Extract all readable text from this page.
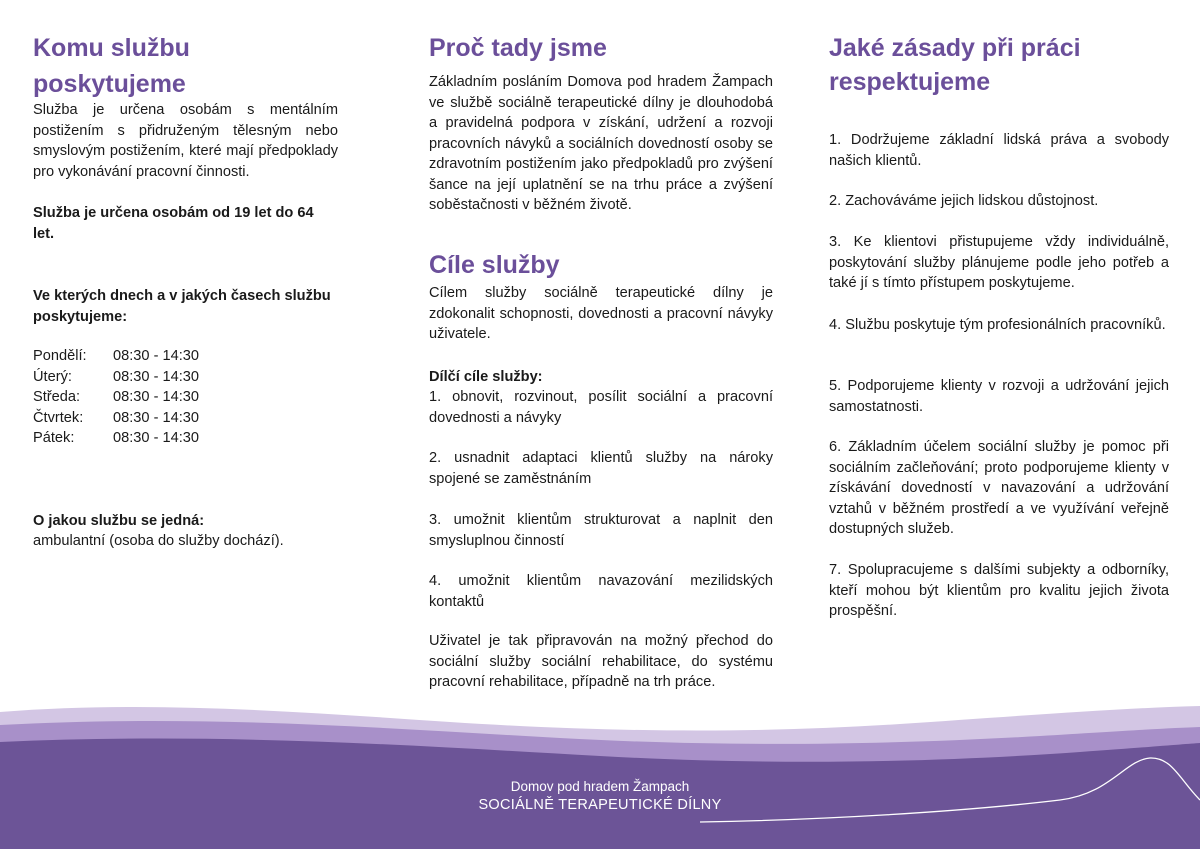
Komu službu poskytujeme

Služba je určena osobám s mentálním postižením s přidruženým tělesným nebo smyslovým postižením, které mají předpoklady pro vykonávání pracovní činnosti.

Služba je určena osobám od 19 let do 64 let.

Ve kterých dnech a v jakých časech službu poskytujeme:

Pondělí:	08:30 - 14:30
Úterý:	08:30 - 14:30
Středa:	08:30 - 14:30
Čtvrtek:	08:30 - 14:30
Pátek:	08:30 - 14:30

O jakou službu se jedná:

ambulantní (osoba do služby dochází).

Proč tady jsme

Základním posláním Domova pod hradem Žampach ve službě sociálně terapeutické dílny je dlouhodobá a pravidelná podpora v získání, udržení a rozvoji pracovních návyků a sociálních dovedností osoby se zdravotním postižením jako předpokladů pro zvýšení šance na její uplatnění se na trhu práce a zvýšení soběstačnosti v běžném životě.

Cíle služby

Cílem služby sociálně terapeutické dílny je zdokonalit schopnosti, dovednosti a pracovní návyky uživatele.

Dílčí cíle služby:

1. obnovit, rozvinout, posílit sociální a pracovní dovednosti a návyky

2. usnadnit adaptaci klientů služby na nároky spojené se zaměstnáním

3. umožnit klientům strukturovat a naplnit den smysluplnou činností

4. umožnit klientům navazování mezilidských kontaktů

Uživatel je tak připravován na možný přechod do sociální služby sociální rehabilitace, do systému pracovní rehabilitace, případně na trh práce.

Jaké zásady při práci
respektujeme

1. Dodržujeme základní lidská práva a svobody našich klientů.

2. Zachováváme jejich lidskou důstojnost.

3. Ke klientovi přistupujeme vždy individuálně, poskytování služby plánujeme podle jeho potřeb a také jí s tímto přístupem poskytujeme.

4. Službu poskytuje tým profesionálních pracovníků.

5. Podporujeme klienty v rozvoji a udržování jejich samostatnosti.

6. Základním účelem sociální služby je pomoc při sociálním začleňování; proto podporujeme klienty v získávání dovedností v navazování a udržování vztahů v běžném prostředí a ve využívání veřejně dostupných služeb.

7. Spolupracujeme s dalšími subjekty a odborníky, kteří mohou být klientům pro kvalitu jejich života prospěšní.

Domov pod hradem Žampach
SOCIÁLNĚ TERAPEUTICKÉ DÍLNY
